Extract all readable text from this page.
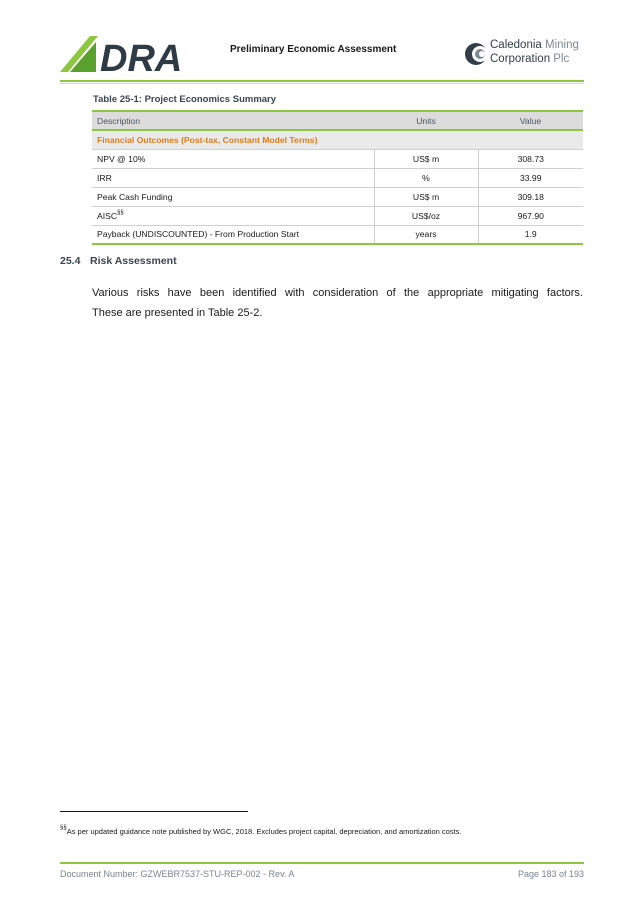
DRA	Preliminary Economic Assessment	Caledonia Mining
Corporation Plc
Table 25-1: Project Economics Summary
Description	Units	Value
Financial Outcomes (Post-tax, Constant Model Terms)		
NPV @ 10%	US$ m	308.73
IRR	%	33.99
Peak Cash Funding	US$ m	309.18
AISC§§	US$/oz	967.90
Payback (UNDISCOUNTED) - From Production Start	years	1.9
25.4 Risk Assessment
Various risks have been identified with consideration of the appropriate mitigating factors.
These are presented in Table 25-2.
§§As per updated guidance note published by WGC, 2018. Excludes project capital, depreciation, and amortization costs.
Document Number: GZWEBR7537-STU-REP-002 - Rev. A	Page 183 of 193
